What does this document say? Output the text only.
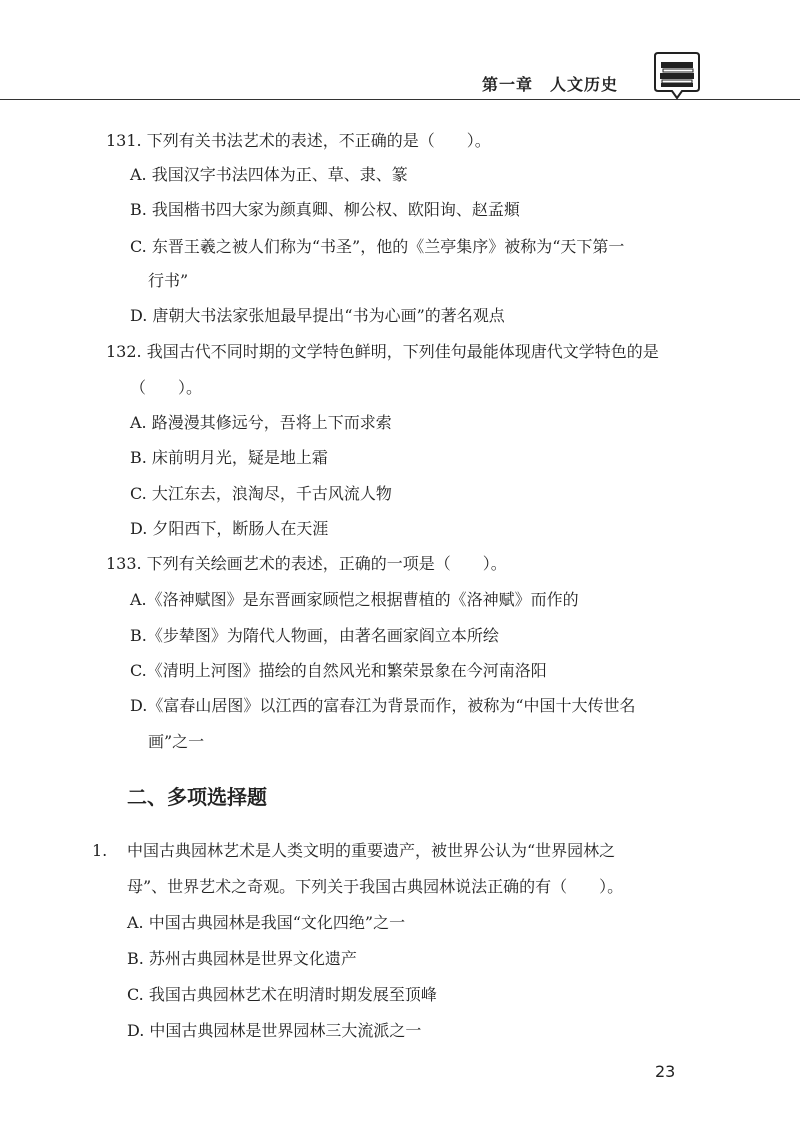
第一章　人文历史
131. 下列有关书法艺术的表述，不正确的是（　　）。
A. 我国汉字书法四体为正、草、隶、篆
B. 我国楷书四大家为颜真卿、柳公权、欧阳询、赵孟頫
C. 东晋王羲之被人们称为“书圣”，他的《兰亭集序》被称为“天下第一
行书”
D. 唐朝大书法家张旭最早提出“书为心画”的著名观点
132. 我国古代不同时期的文学特色鲜明，下列佳句最能体现唐代文学特色的是
（　　）。
A. 路漫漫其修远兮，吾将上下而求索
B. 床前明月光，疑是地上霜
C. 大江东去，浪淘尽，千古风流人物
D. 夕阳西下，断肠人在天涯
133. 下列有关绘画艺术的表述，正确的一项是（　　）。
A.《洛神赋图》是东晋画家顾恺之根据曹植的《洛神赋》而作的
B.《步辇图》为隋代人物画，由著名画家阎立本所绘
C.《清明上河图》描绘的自然风光和繁荣景象在今河南洛阳
D.《富春山居图》以江西的富春江为背景而作，被称为“中国十大传世名
画”之一
二、多项选择题
1. 中国古典园林艺术是人类文明的重要遗产，被世界公认为“世界园林之
母”、世界艺术之奇观。下列关于我国古典园林说法正确的有（　　）。
A. 中国古典园林是我国“文化四绝”之一
B. 苏州古典园林是世界文化遗产
C. 我国古典园林艺术在明清时期发展至顶峰
D. 中国古典园林是世界园林三大流派之一
23
